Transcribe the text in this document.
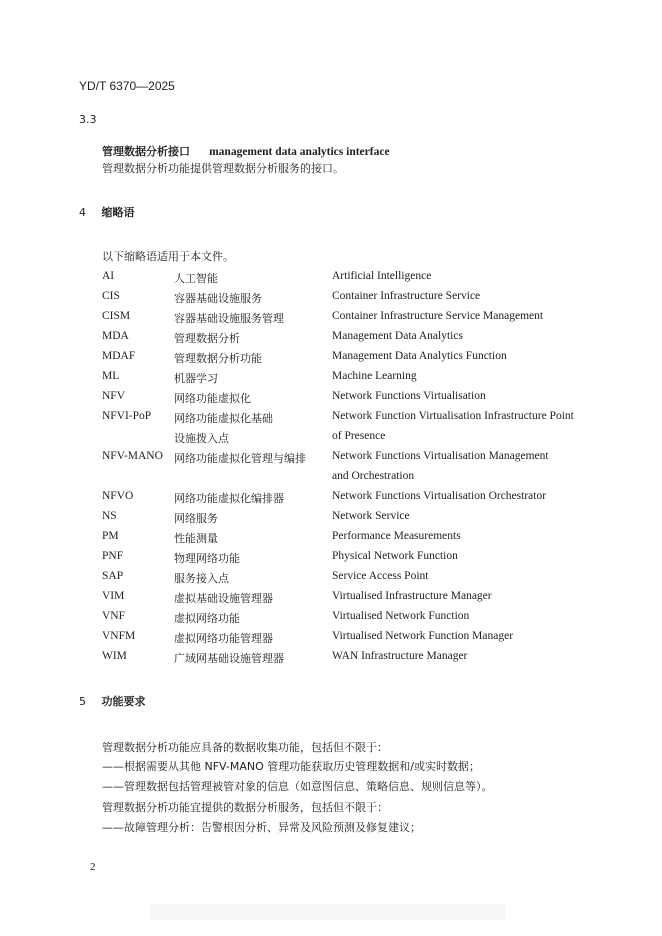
YD/T 6370—2025
3.3
管理数据分析接口 management data analytics interface
管理数据分析功能提供管理数据分析服务的接口。
4 缩略语
以下缩略语适用于本文件。
AI	人工智能	Artificial Intelligence
CIS	容器基础设施服务	Container Infrastructure Service
CISM	容器基础设施服务管理	Container Infrastructure Service Management
MDA	管理数据分析	Management Data Analytics
MDAF	管理数据分析功能	Management Data Analytics Function
ML	机器学习	Machine Learning
NFV	网络功能虚拟化	Network Functions Virtualisation
NFVI-PoP 网络功能虚拟化基础	Network Function Virtualisation Infrastructure Point
设施拨入点	of Presence
NFV-MANO 网络功能虚拟化管理与编排 Network Functions Virtualisation Management
and Orchestration
NFVO	网络功能虚拟化编排器	Network Functions Virtualisation Orchestrator
NS	网络服务	Network Service
PM	性能测量	Performance Measurements
PNF	物理网络功能	Physical Network Function
SAP	服务接入点	Service Access Point
VIM	虚拟基础设施管理器	Virtualised Infrastructure Manager
VNF	虚拟网络功能	Virtualised Network Function
VNFM	虚拟网络功能管理器	Virtualised Network Function Manager
WIM	广域网基础设施管理器	WAN Infrastructure Manager
5 功能要求
管理数据分析功能应具备的数据收集功能，包括但不限于：
——根据需要从其他 NFV-MANO 管理功能获取历史管理数据和/或实时数据；
——管理数据包括管理被管对象的信息（如意图信息、策略信息、规则信息等）。
管理数据分析功能宜提供的数据分析服务，包括但不限于：
——故障管理分析：告警根因分析、异常及风险预测及修复建议；
2
